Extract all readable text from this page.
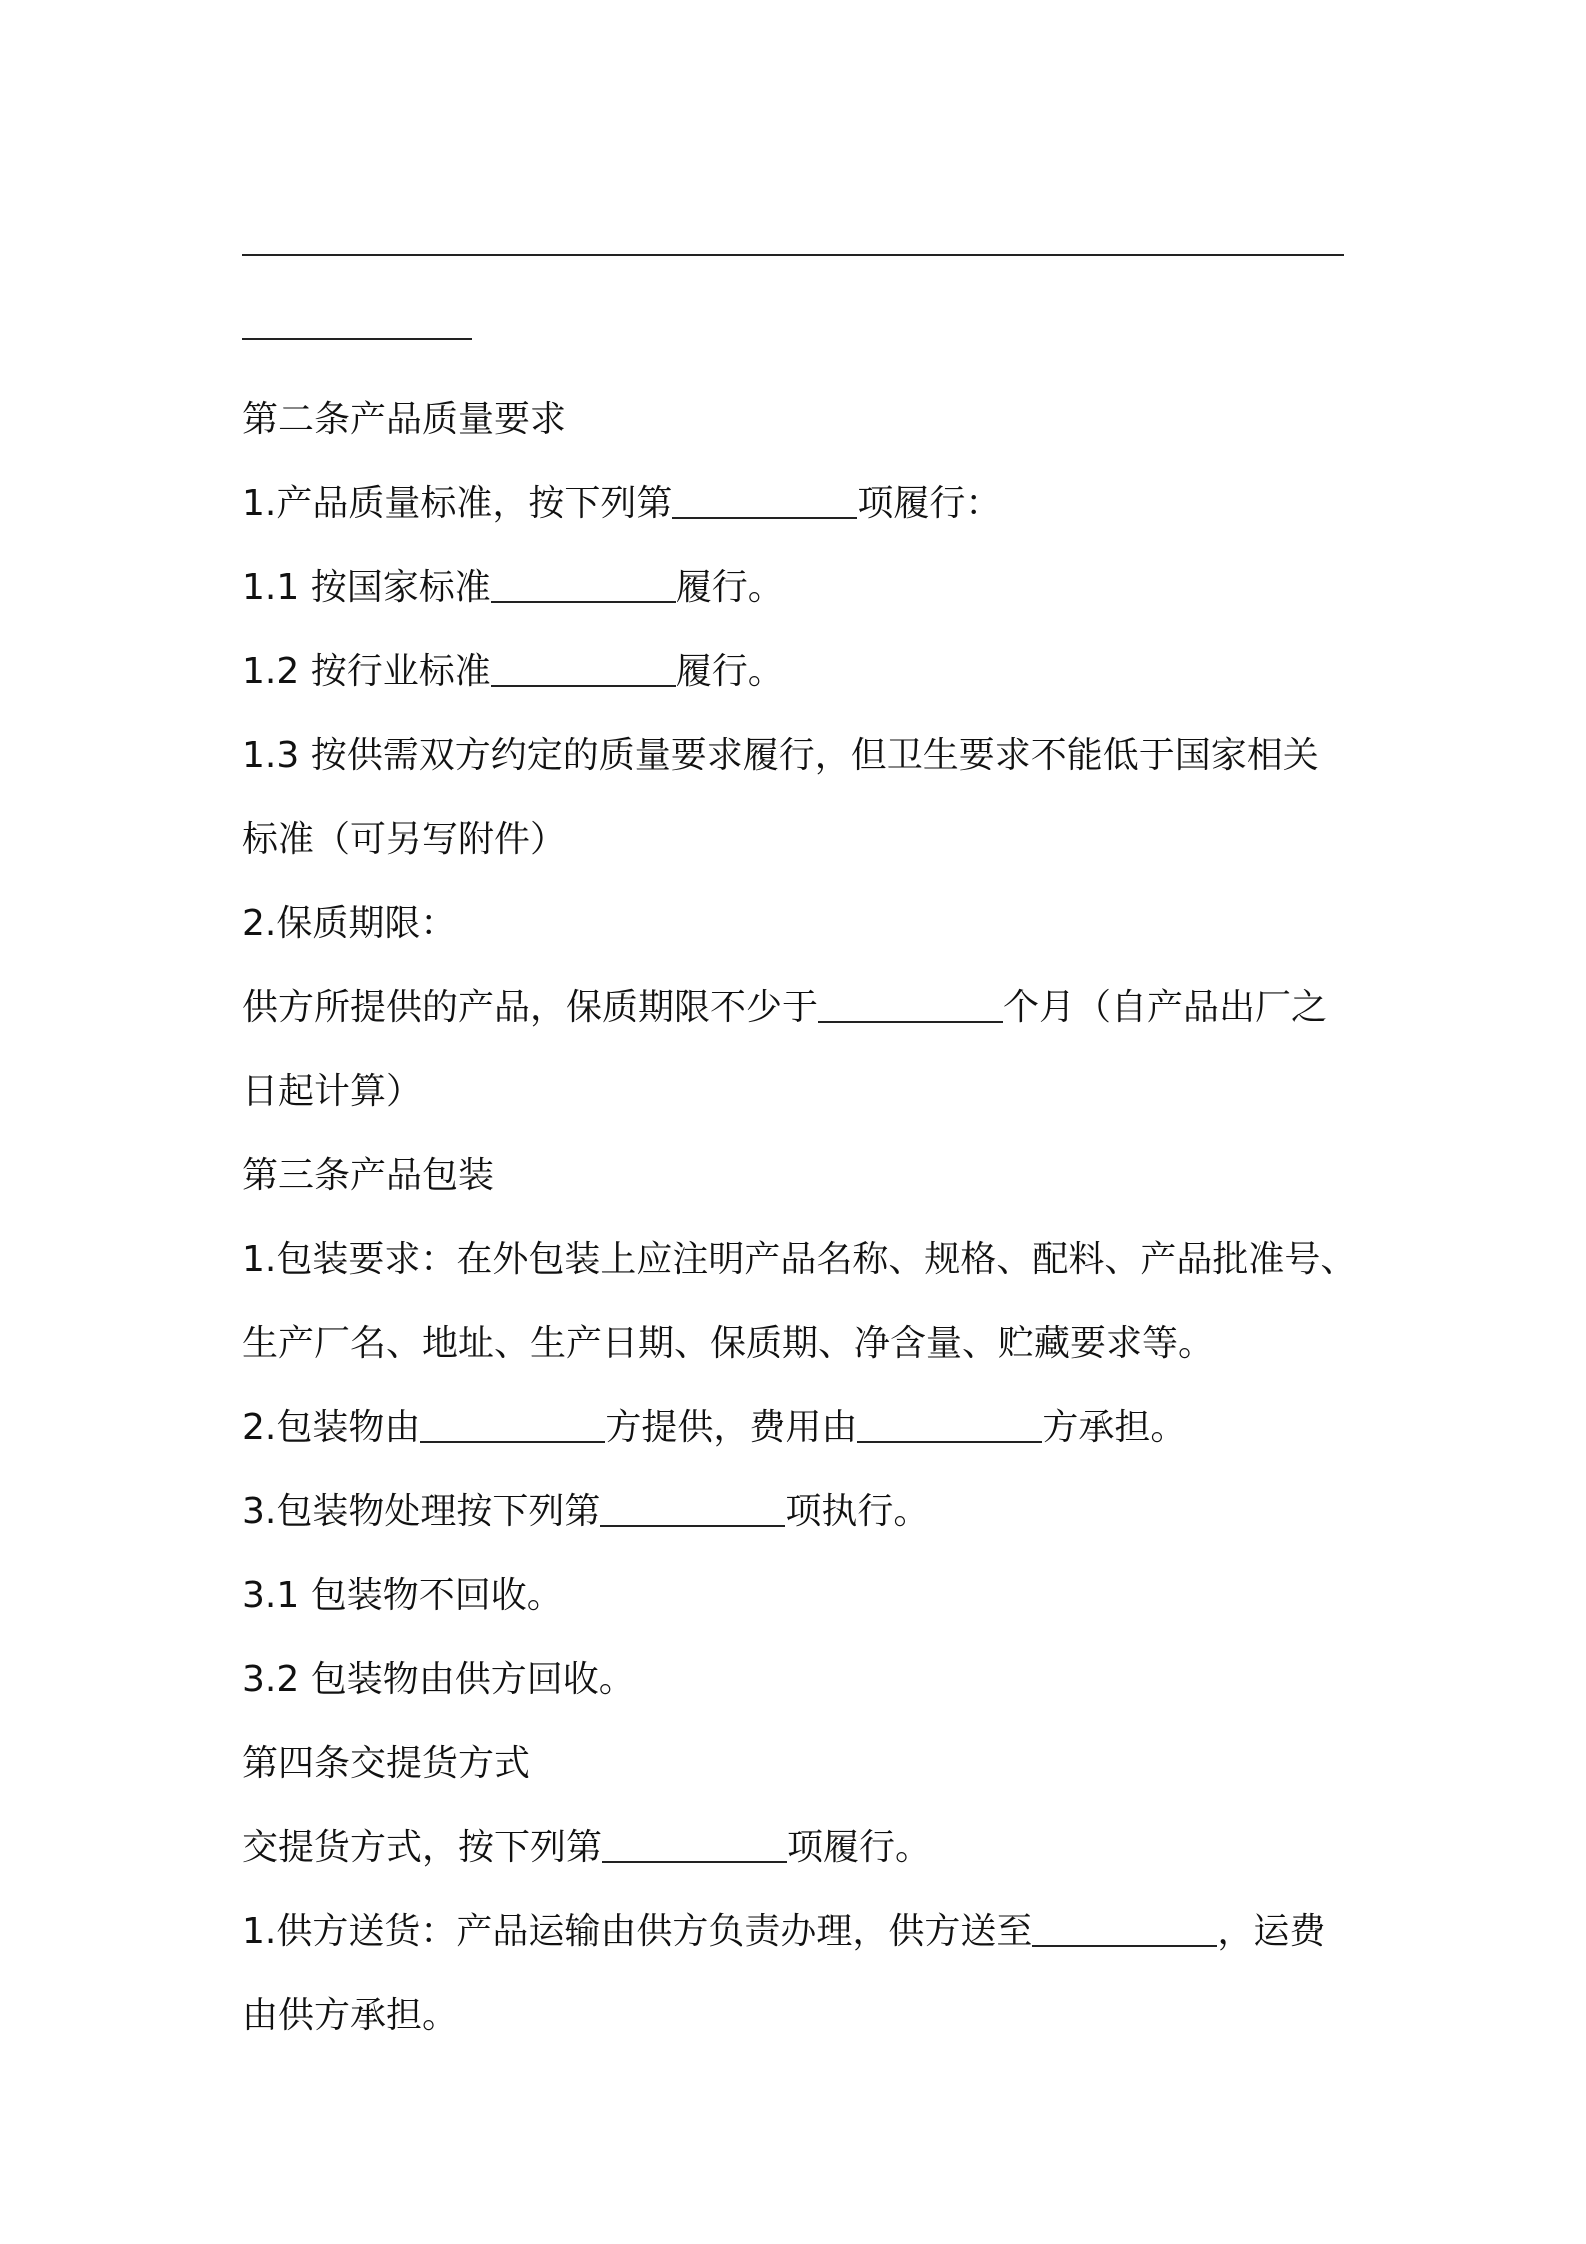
第二条产品质量要求

1.产品质量标准，按下列第	项履行：

1.1 按国家标准	履行。

1.2 按行业标准	履行。

1.3 按供需双方约定的质量要求履行，但卫生要求不能低于国家相关

标准（可另写附件）

2.保质期限：

供方所提供的产品，保质期限不少于	个月（自产品出厂之

日起计算）

第三条产品包装

1.包装要求：在外包装上应注明产品名称、规格、配料、产品批准号、

生产厂名、地址、生产日期、保质期、净含量、贮藏要求等。

2.包装物由	方提供，费用由	方承担。

3.包装物处理按下列第	项执行。

3.1 包装物不回收。

3.2 包装物由供方回收。

第四条交提货方式

交提货方式，按下列第	项履行。

1.供方送货：产品运输由供方负责办理，供方送至	，运费

由供方承担。
